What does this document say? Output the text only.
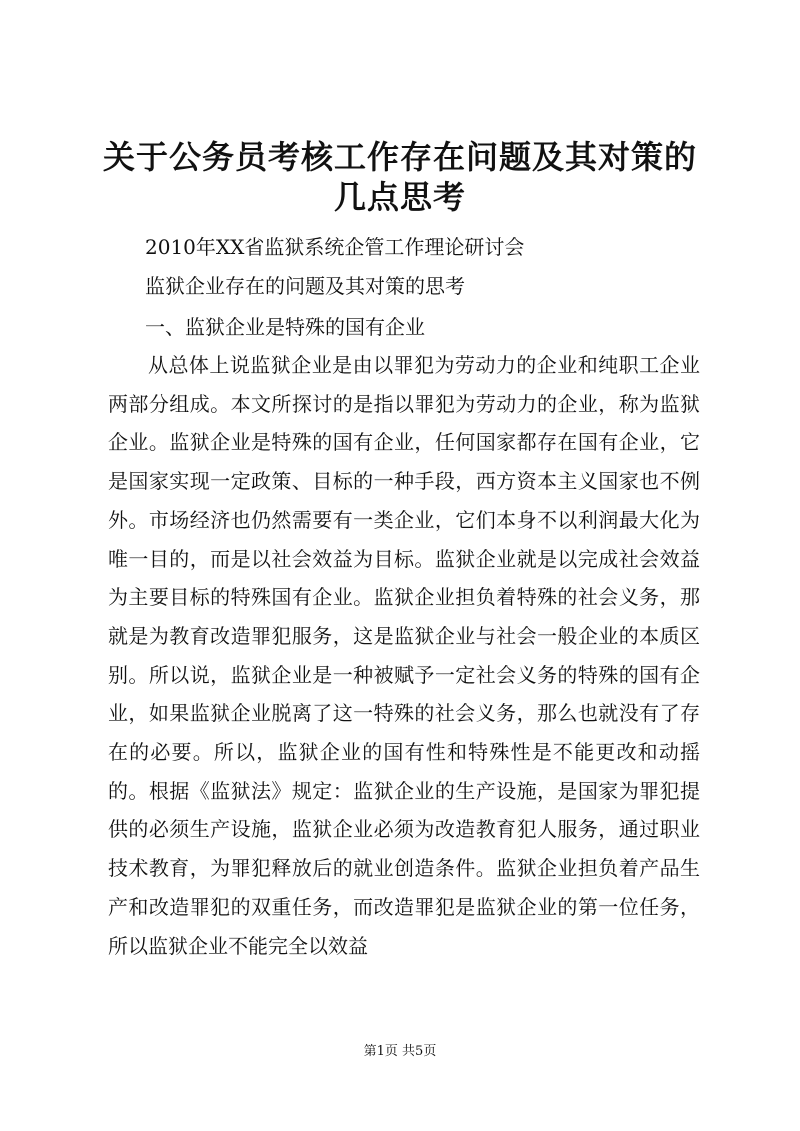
关于公务员考核工作存在问题及其对策的几点思考

2010年XX省监狱系统企管工作理论研讨会

监狱企业存在的问题及其对策的思考

一、监狱企业是特殊的国有企业

从总体上说监狱企业是由以罪犯为劳动力的企业和纯职工企业两部分组成。本文所探讨的是指以罪犯为劳动力的企业，称为监狱企业。监狱企业是特殊的国有企业，任何国家都存在国有企业，它是国家实现一定政策、目标的一种手段，西方资本主义国家也不例外。市场经济也仍然需要有一类企业，它们本身不以利润最大化为唯一目的，而是以社会效益为目标。监狱企业就是以完成社会效益为主要目标的特殊国有企业。监狱企业担负着特殊的社会义务，那就是为教育改造罪犯服务，这是监狱企业与社会一般企业的本质区别。所以说，监狱企业是一种被赋予一定社会义务的特殊的国有企业，如果监狱企业脱离了这一特殊的社会义务，那么也就没有了存在的必要。所以，监狱企业的国有性和特殊性是不能更改和动摇的。根据《监狱法》规定：监狱企业的生产设施，是国家为罪犯提供的必须生产设施，监狱企业必须为改造教育犯人服务，通过职业技术教育，为罪犯释放后的就业创造条件。监狱企业担负着产品生产和改造罪犯的双重任务，而改造罪犯是监狱企业的第一位任务，所以监狱企业不能完全以效益

第1页 共5页
